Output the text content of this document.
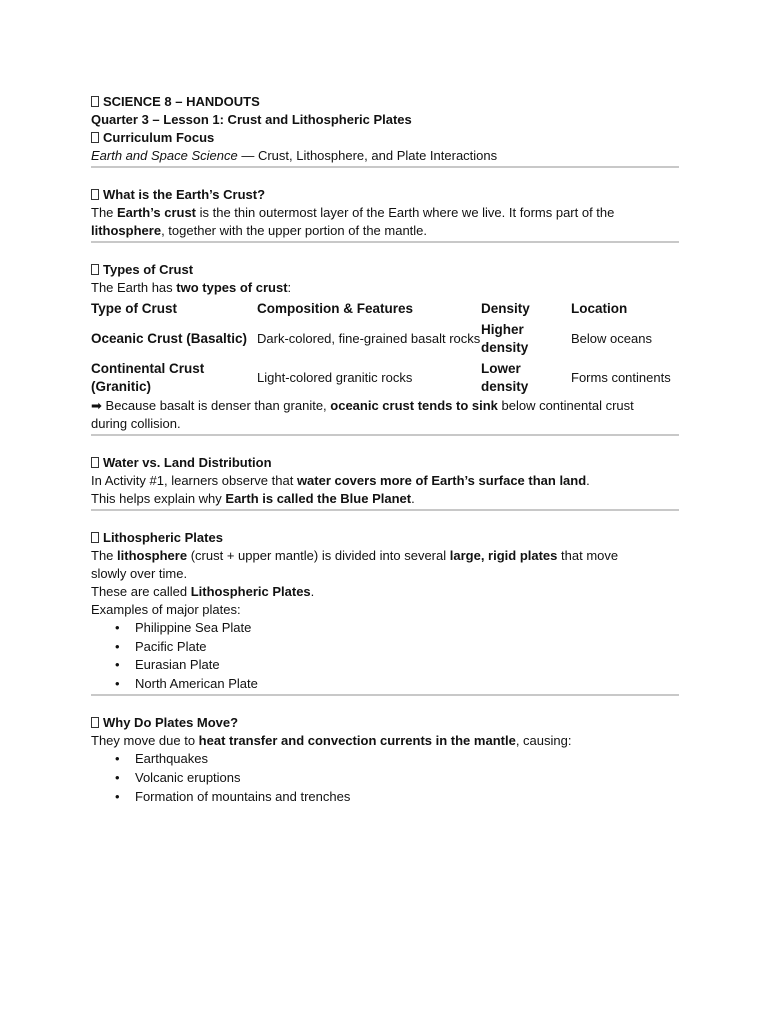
SCIENCE 8 – HANDOUTS

Quarter 3 – Lesson 1: Crust and Lithospheric Plates

Curriculum Focus

Earth and Space Science — Crust, Lithosphere, and Plate Interactions

What is the Earth’s Crust?

The Earth’s crust is the thin outermost layer of the Earth where we live. It forms part of the

lithosphere, together with the upper portion of the mantle.

Types of Crust

The Earth has two types of crust:

Type of Crust	Composition & Features	Density	Location
Oceanic Crust (Basaltic)	Dark-colored, fine-grained basalt rocks	Higher density	Below oceans
Continental Crust (Granitic)	Light-colored granitic rocks	Lower density	Forms continents

➡ Because basalt is denser than granite, oceanic crust tends to sink below continental crust

during collision.

Water vs. Land Distribution

In Activity #1, learners observe that water covers more of Earth’s surface than land.

This helps explain why Earth is called the Blue Planet.

Lithospheric Plates

The lithosphere (crust + upper mantle) is divided into several large, rigid plates that move

slowly over time.

These are called Lithospheric Plates.

Examples of major plates:

• Philippine Sea Plate
• Pacific Plate
• Eurasian Plate
• North American Plate

Why Do Plates Move?

They move due to heat transfer and convection currents in the mantle, causing:

• Earthquakes
• Volcanic eruptions
• Formation of mountains and trenches
